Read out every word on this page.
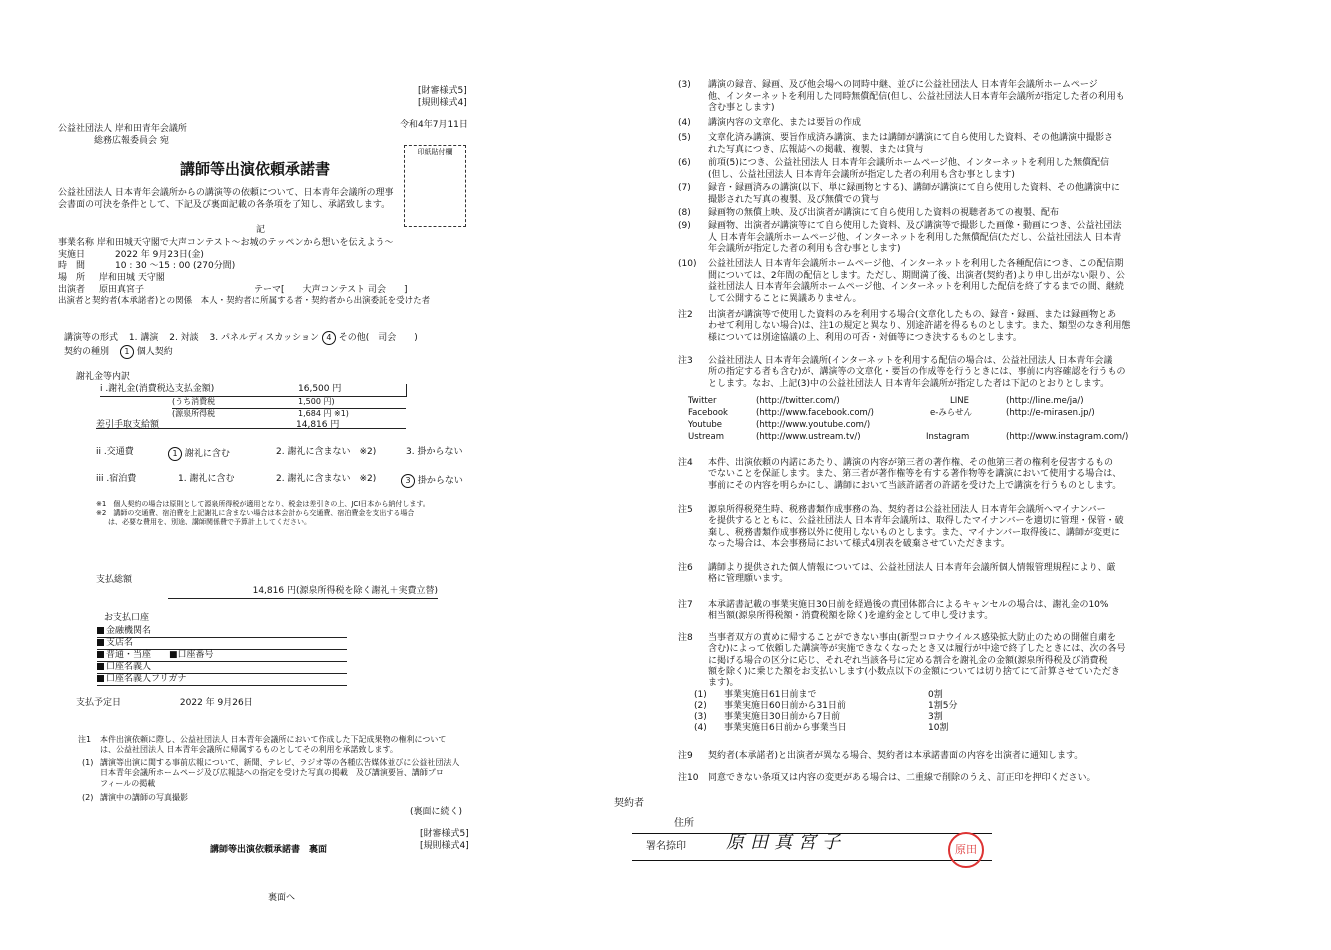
[財審様式5]
[規則様式4]
公益社団法人 岸和田青年会議所
総務広報委員会 宛
令和4年7月11日
印紙貼付欄
講師等出演依頼承諾書
公益社団法人 日本青年会議所からの講演等の依頼について、日本青年会議所の理事
会書面の可決を条件として、下記及び裏面記載の各条項を了知し、承諾致します。
記
事業名称 岸和田城天守閣で大声コンテスト～お城のテッペンから想いを伝えよう～
実施日	2022 年 9月23日(金)
時　間	10 : 30 ～15 : 00 (270分間)
場　所 岸和田城 天守閣
出演者 原田真宮子	テーマ[　　大声コンテスト 司会　　]
出演者と契約者(本承諾者)との関係　本人・契約者に所属する者・契約者から出演委託を受けた者
講演等の形式 1. 講演 2. 対談 3. パネルディスカッション 4 その他(　司会　　)
契約の種別 1 個人契約
謝礼金等内訳
i .謝礼金(消費税込支払金額)	16,500 円
(うち消費税	1,500 円)
(源泉所得税	1,684 円 ※1)
差引手取支給額	14,816 円
ii .交通費	1 謝礼に含む	2. 謝礼に含まない　※2)	3. 掛からない
iii .宿泊費	1. 謝礼に含む	2. 謝礼に含まない　※2)	3 掛からない
※1　個人契約の場合は原則として源泉所得税が適用となり、税金は差引きの上、JCI日本から納付します。
※2　講師の交通費、宿泊費を上記謝礼に含まない場合は本会計から交通費、宿泊費金を支出する場合
は、必要な費用を、別途、講師関係費で予算計上してください。
支払総額
14,816 円(源泉所得税を除く謝礼＋実費立替)
お支払口座
金融機関名
支店名
普通・当座　　■口座番号
口座名義人
口座名義人フリガナ
支払予定日	2022 年 9月26日
注1 本件出演依頼に際し、公益社団法人 日本青年会議所において作成した下記成果物の権利について
は、公益社団法人 日本青年会議所に帰属するものとしてその利用を承諾致します。
(1) 講演等出演に関する事前広報について、新聞、テレビ、ラジオ等の各種広告媒体並びに公益社団法人
日本青年会議所ホームページ及び広報誌への指定を受けた写真の掲載　及び講演要旨、講師プロ
フィールの掲載
(2) 講演中の講師の写真撮影
(裏面に続く)
[財審様式5]
[規則様式4]
講師等出演依頼承諾書　裏面
裏面へ
(3) 講演の録音、録画、及び他会場への同時中継、並びに公益社団法人 日本青年会議所ホームページ
他、インターネットを利用した同時無償配信(但し、公益社団法人日本青年会議所が指定した者の利用も
含む事とします)
(4) 講演内容の文章化、または要旨の作成
(5) 文章化済み講演、要旨作成済み講演、または講師が講演にて自ら使用した資料、その他講演中撮影さ
れた写真につき、広報誌への掲載、複製、または貸与
(6) 前項(5)につき、公益社団法人 日本青年会議所ホームページ他、インターネットを利用した無償配信
(但し、公益社団法人 日本青年会議所が指定した者の利用も含む事とします)
(7) 録音・録画済みの講演(以下、単に録画物とする)、講師が講演にて自ら使用した資料、その他講演中に
撮影された写真の複製、及び無償での貸与
(8) 録画物の無償上映、及び出演者が講演にて自ら使用した資料の視聴者あての複製、配布
(9) 録画物、出演者が講演等にて自ら使用した資料、及び講演等で撮影した画像・動画につき、公益社団法
人 日本青年会議所ホームページ他、インターネットを利用した無償配信(ただし、公益社団法人 日本青
年会議所が指定した者の利用も含む事とします)
(10) 公益社団法人 日本青年会議所ホームページ他、インターネットを利用した各種配信につき、この配信期
間については、2年間の配信とします。ただし、期間満了後、出演者(契約者)より申し出がない限り、公
益社団法人 日本青年会議所ホームページ他、インターネットを利用した配信を終了するまでの間、継続
して公開することに異議ありません。
注2 出演者が講演等で使用した資料のみを利用する場合(文章化したもの、録音・録画、または録画物とあ
わせて利用しない場合)は、注1の規定と異なり、別途許諾を得るものとします。また、類型のなき利用態
様については別途協議の上、利用の可否・対価等につき決するものとします。
注3 公益社団法人 日本青年会議所(インターネットを利用する配信の場合は、公益社団法人 日本青年会議
所の指定する者も含む)が、講演等の文章化・要旨の作成等を行うときには、事前に内容確認を行うもの
とします。なお、上記(3)中の公益社団法人 日本青年会議所が指定した者は下記のとおりとします。
Twitter	(http://twitter.com/)	LINE	(http://line.me/ja/)
Facebook	(http://www.facebook.com/)	e-みらせん	(http://e-mirasen.jp/)
Youtube	(http://www.youtube.com/)
Ustream	(http://www.ustream.tv/)	Instagram	(http://www.instagram.com/)
注4 本件、出演依頼の内諾にあたり、講演の内容が第三者の著作権、その他第三者の権利を侵害するもの
でないことを保証します。また、第三者が著作権等を有する著作物等を講演において使用する場合は、
事前にその内容を明らかにし、講師において当該許諾者の許諾を受けた上で講演を行うものとします。
注5 源泉所得税発生時、税務書類作成事務の為、契約者は公益社団法人 日本青年会議所へマイナンバー
を提供するとともに、公益社団法人 日本青年会議所は、取得したマイナンバーを適切に管理・保管・破
棄し、税務書類作成事務以外に使用しないものとします。また、マイナンバー取得後に、講師が変更に
なった場合は、本会事務局において様式4別表を破棄させていただきます。
注6 講師より提供された個人情報については、公益社団法人 日本青年会議所個人情報管理規程により、厳
格に管理願います。
注7 本承諾書記載の事業実施日30日前を経過後の責団体都合によるキャンセルの場合は、謝礼金の10%
相当額(源泉所得税額・消費税額を除く)を違約金として申し受けます。
注8 当事者双方の責めに帰することができない事由(新型コロナウイルス感染拡大防止のための開催自粛を
含む)によって依頼した講演等が実施できなくなったとき又は履行が中途で終了したときには、次の各号
に掲げる場合の区分に応じ、それぞれ当該各号に定める割合を謝礼金の金額(源泉所得税及び消費税
額を除く)に乗じた額をお支払いします(小数点以下の金額については切り捨てにて計算させていただき
ます)。
(1) 事業実施日61日前まで	0割
(2) 事業実施日60日前から31日前	1割5分
(3) 事業実施日30日前から7日前	3割
(4) 事業実施日6日前から事業当日	10割
注9 契約者(本承諾者)と出演者が異なる場合、契約者は本承諾書面の内容を出演者に通知します。
注10 同意できない条項又は内容の変更がある場合は、二重線で削除のうえ、訂正印を押印ください。
契約者
住所
署名捺印 原田真宮子	原田
